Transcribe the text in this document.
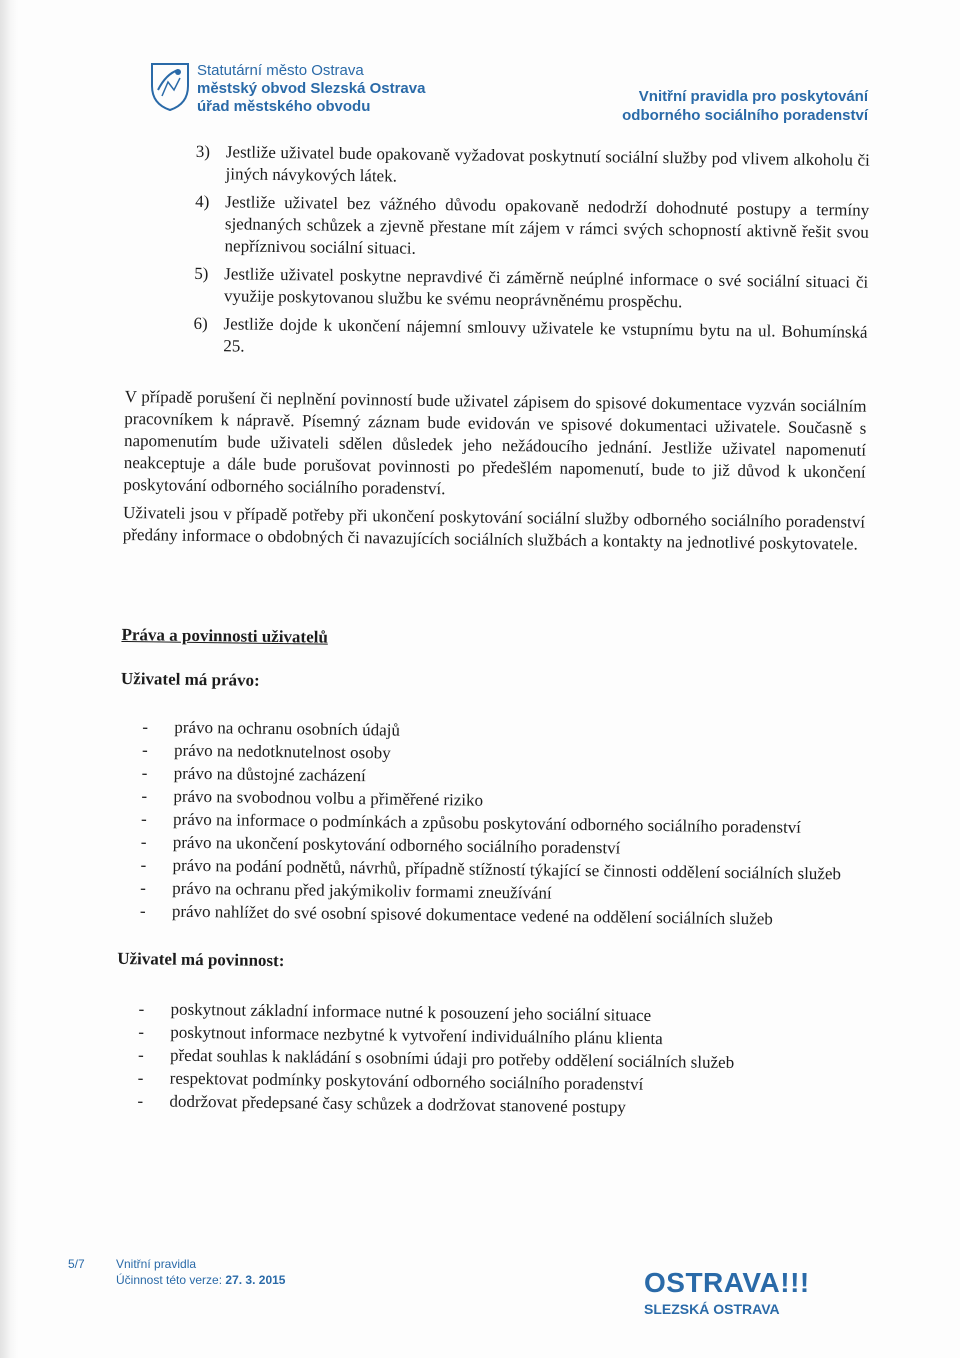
Statutární město Ostrava
městský obvod Slezská Ostrava
úřad městského obvodu
Vnitřní pravidla pro poskytování
odborného sociálního poradenství
3) Jestliže uživatel bude opakovaně vyžadovat poskytnutí sociální služby pod vlivem alkoholu či jiných návykových látek.
4) Jestliže uživatel bez vážného důvodu opakovaně nedodrží dohodnuté postupy a termíny sjednaných schůzek a zjevně přestane mít zájem v rámci svých schopností aktivně řešit svou nepříznivou sociální situaci.
5) Jestliže uživatel poskytne nepravdivé či záměrně neúplné informace o své sociální situaci či využije poskytovanou službu ke svému neoprávněnému prospěchu.
6) Jestliže dojde k ukončení nájemní smlouvy uživatele ke vstupnímu bytu na ul. Bohumínská 25.

V případě porušení či neplnění povinností bude uživatel zápisem do spisové dokumentace vyzván sociálním pracovníkem k nápravě. Písemný záznam bude evidován ve spisové dokumentaci uživatele. Současně s napomenutím bude uživateli sdělen důsledek jeho nežádoucího jednání. Jestliže uživatel napomenutí neakceptuje a dále bude porušovat povinnosti po předešlém napomenutí, bude to již důvod k ukončení poskytování odborného sociálního poradenství.

Uživateli jsou v případě potřeby při ukončení poskytování sociální služby odborného sociálního poradenství předány informace o obdobných či navazujících sociálních službách a kontakty na jednotlivé poskytovatele.

Práva a povinnosti uživatelů
Uživatel má právo:
- právo na ochranu osobních údajů
- právo na nedotknutelnost osoby
- právo na důstojné zacházení
- právo na svobodnou volbu a přiměřené riziko
- právo na informace o podmínkách a způsobu poskytování odborného sociálního poradenství
- právo na ukončení poskytování odborného sociálního poradenství
- právo na podání podnětů, návrhů, případně stížností týkající se činnosti oddělení sociálních služeb
- právo na ochranu před jakýmikoliv formami zneužívání
- právo nahlížet do své osobní spisové dokumentace vedené na oddělení sociálních služeb
Uživatel má povinnost:
- poskytnout základní informace nutné k posouzení jeho sociální situace
- poskytnout informace nezbytné k vytvoření individuálního plánu klienta
- předat souhlas k nakládání s osobními údaji pro potřeby oddělení sociálních služeb
- respektovat podmínky poskytování odborného sociálního poradenství
- dodržovat předepsané časy schůzek a dodržovat stanovené postupy
5/7	Vnitřní pravidla
Účinnost této verze: 27. 3. 2015	OSTRAVA!!!
SLEZSKÁ OSTRAVA
